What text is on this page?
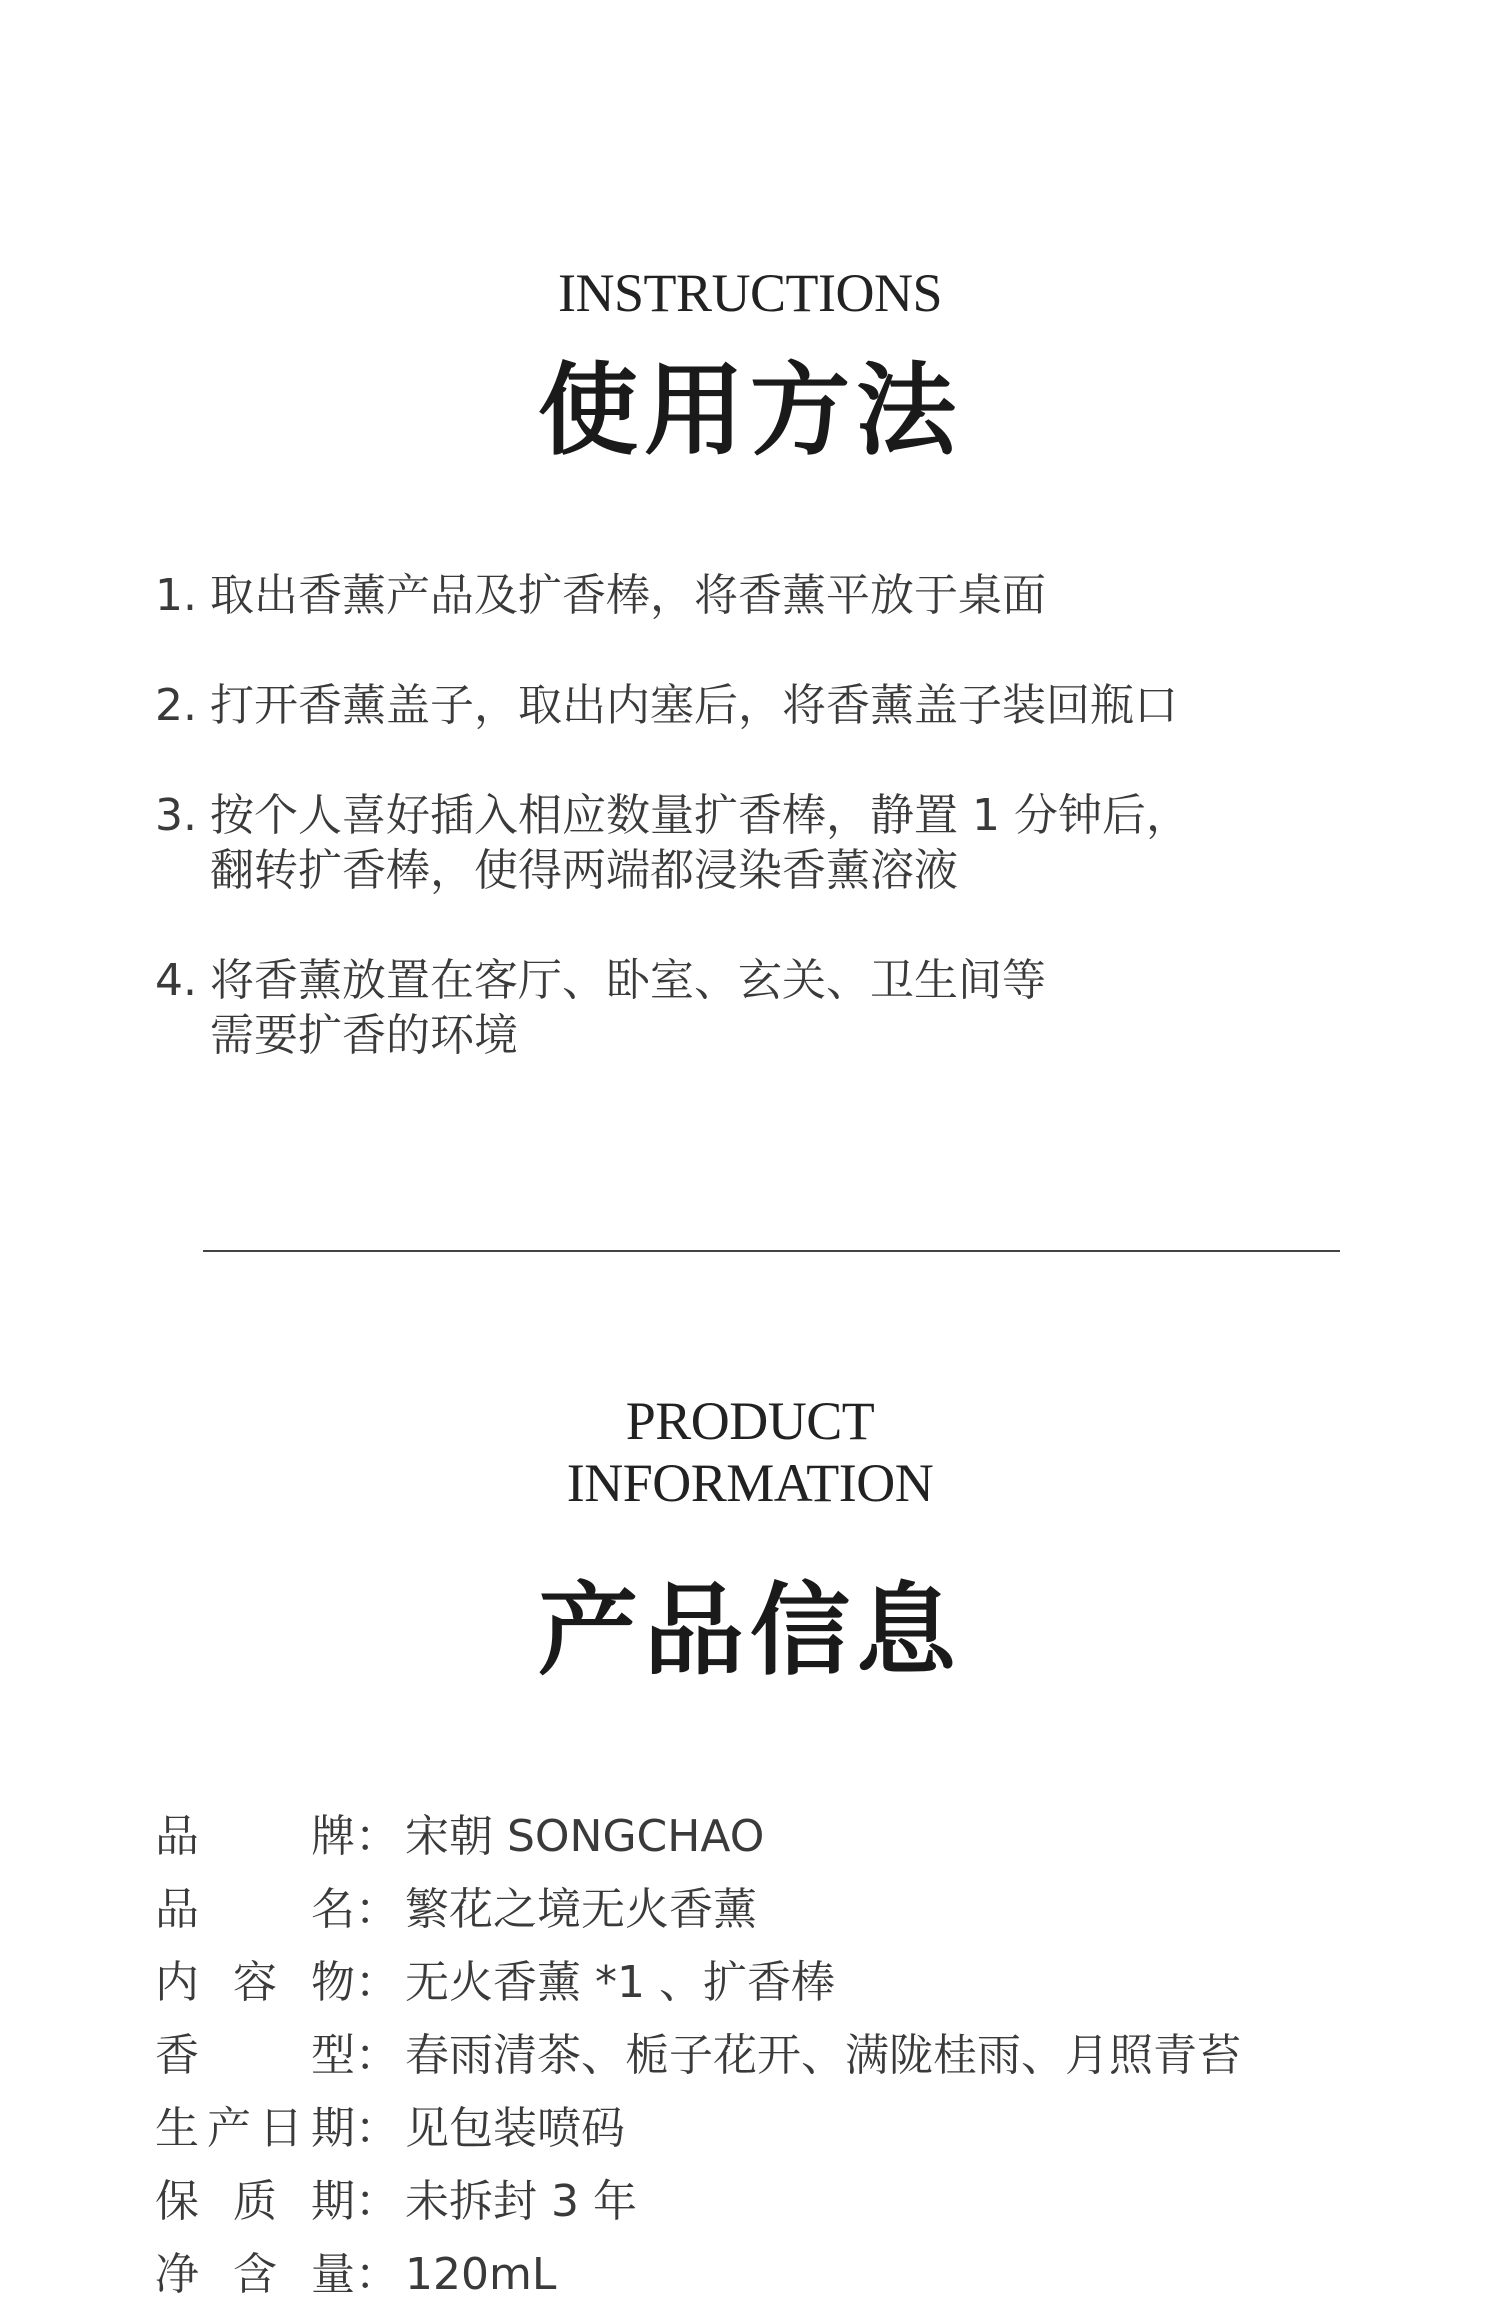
INSTRUCTIONS
使用方法
1. 取出香薰产品及扩香棒，将香薰平放于桌面
2. 打开香薰盖子，取出内塞后，将香薰盖子装回瓶口
3. 按个人喜好插入相应数量扩香棒，静置 1 分钟后，
翻转扩香棒，使得两端都浸染香薰溶液
4. 将香薰放置在客厅、卧室、玄关、卫生间等
需要扩香的环境
PRODUCT
INFORMATION
产品信息
品	牌 ： 宋朝 SONGCHAO
品	名 ： 繁花之境无火香薰
内 容 物 ： 无火香薰 *1 、扩香棒
香	型 ： 春雨清茶、栀子花开、满陇桂雨、月照青苔
生 产 日 期 ： 见包装喷码
保 质 期 ： 未拆封 3 年
净 含 量 ： 120mL
